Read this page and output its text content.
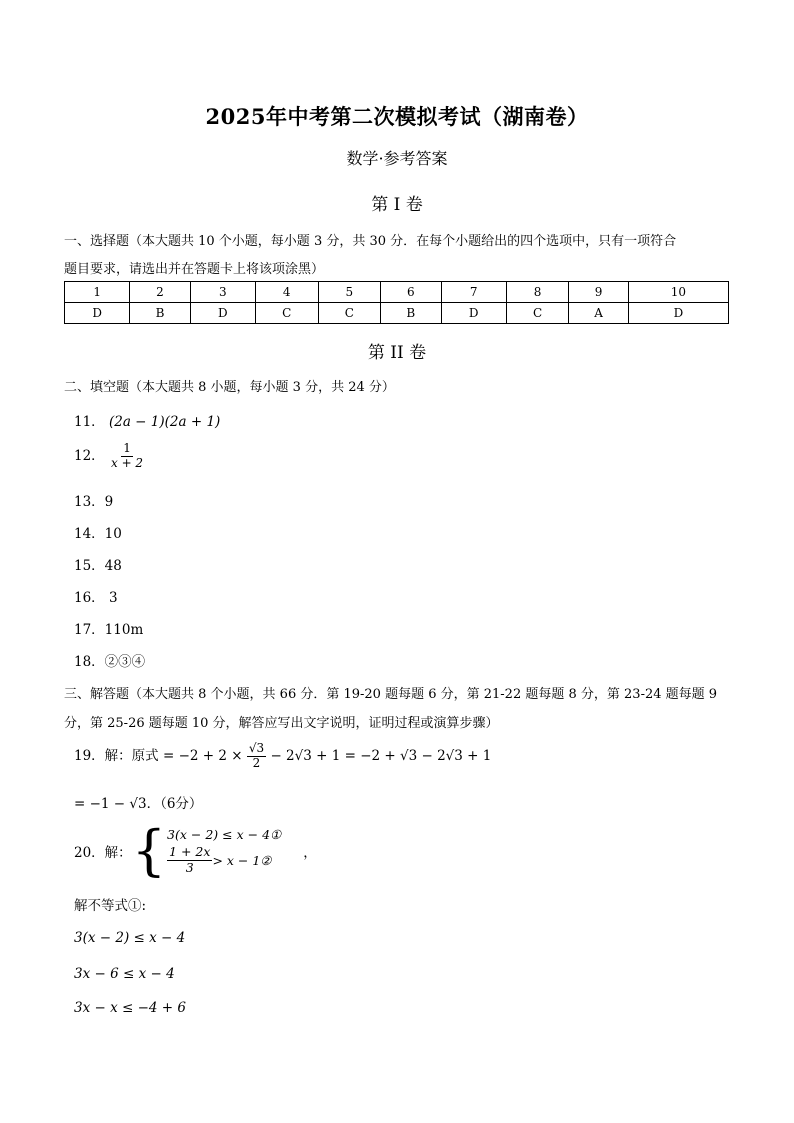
2025年中考第二次模拟考试（湖南卷）
数学·参考答案
第 I 卷
一、选择题（本大题共 10 个小题，每小题 3 分，共 30 分．在每个小题给出的四个选项中，只有一项符合
题目要求，请选出并在答题卡上将该项涂黑）
1	2	3	4	5	6	7	8	9	10
D	B	D	C	C	B	D	C	A	D
第 II 卷
二、填空题（本大题共 8 小题，每小题 3 分，共 24 分）
11． (2a − 1)(2a + 1)
12． $\frac{1}{x + 2}$
13．9
14．10
15．48
16． 3
17．110m
18．②③④
三、解答题（本大题共 8 个小题，共 66 分．第 19-20 题每题 6 分，第 21-22 题每题 8 分，第 23-24 题每题 9
分，第 25-26 题每题 10 分，解答应写出文字说明，证明过程或演算步骤）
19．解：原式 = $-2 + 2 \times \frac{√3}{2} - 2√3 + 1 = -2 + √3 - 2√3 + 1$
= −1 − √3．（6分）
20．解： { 3(x − 2) ≤ x − 4①
$\frac{1 + 2x}{3} > x$ − 1② ，
解不等式①:
3(x − 2) ≤ x − 4
3x − 6 ≤ x − 4
3x − x ≤ −4 + 6
